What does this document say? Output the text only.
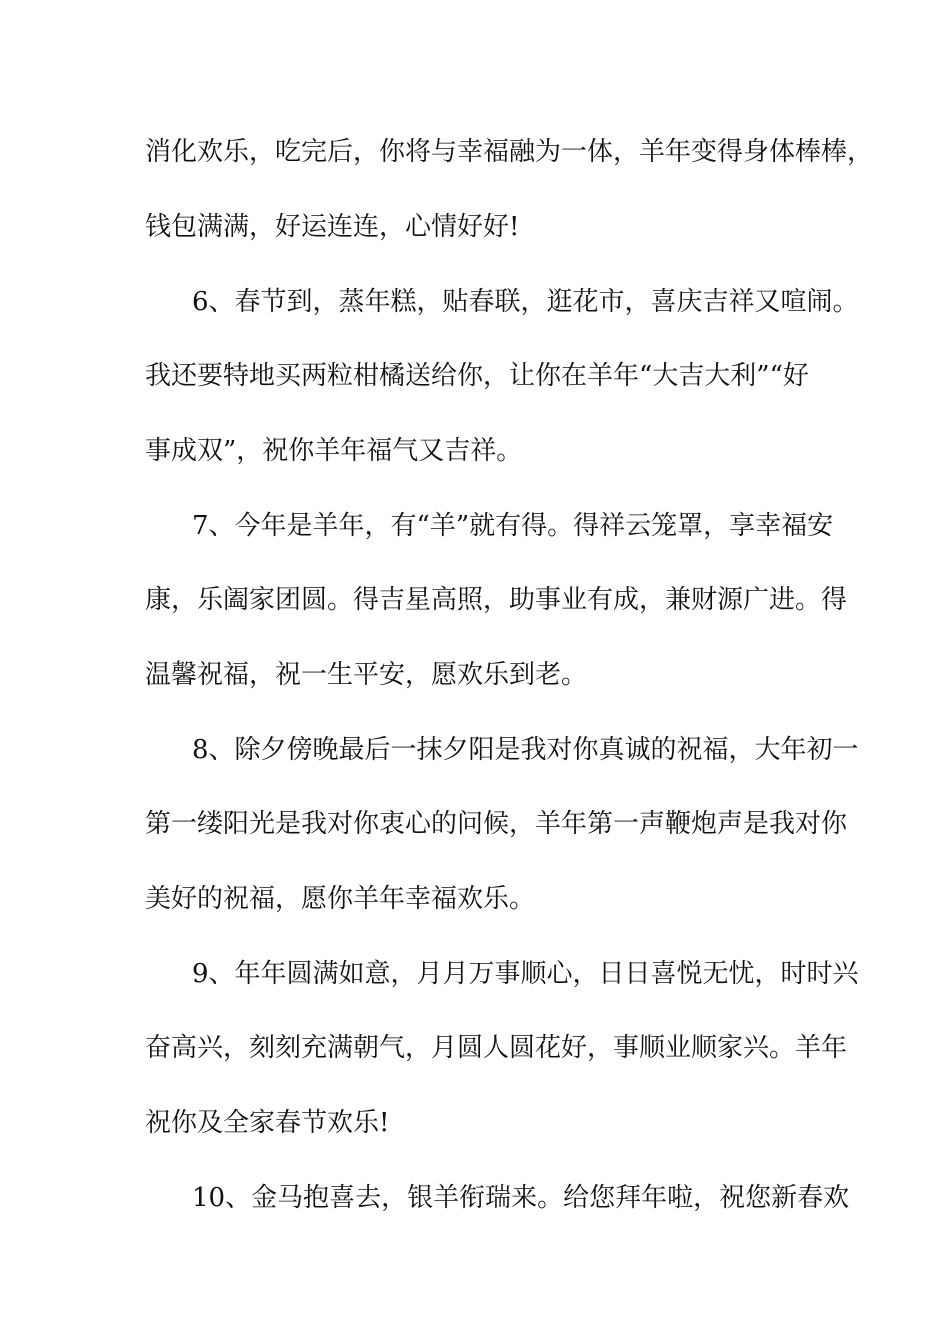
消化欢乐，吃完后，你将与幸福融为一体，羊年变得身体棒棒，
钱包满满，好运连连，心情好好!
6、春节到，蒸年糕，贴春联，逛花市，喜庆吉祥又喧闹。
我还要特地买两粒柑橘送给你，让你在羊年“大吉大利”“好
事成双”，祝你羊年福气又吉祥。
7、今年是羊年，有“羊”就有得。得祥云笼罩，享幸福安
康，乐阖家团圆。得吉星高照，助事业有成，兼财源广进。得
温馨祝福，祝一生平安，愿欢乐到老。
8、除夕傍晚最后一抹夕阳是我对你真诚的祝福，大年初一
第一缕阳光是我对你衷心的问候，羊年第一声鞭炮声是我对你
美好的祝福，愿你羊年幸福欢乐。
9、年年圆满如意，月月万事顺心，日日喜悦无忧，时时兴
奋高兴，刻刻充满朝气，月圆人圆花好，事顺业顺家兴。羊年
祝你及全家春节欢乐!
10、金马抱喜去，银羊衔瑞来。给您拜年啦，祝您新春欢
